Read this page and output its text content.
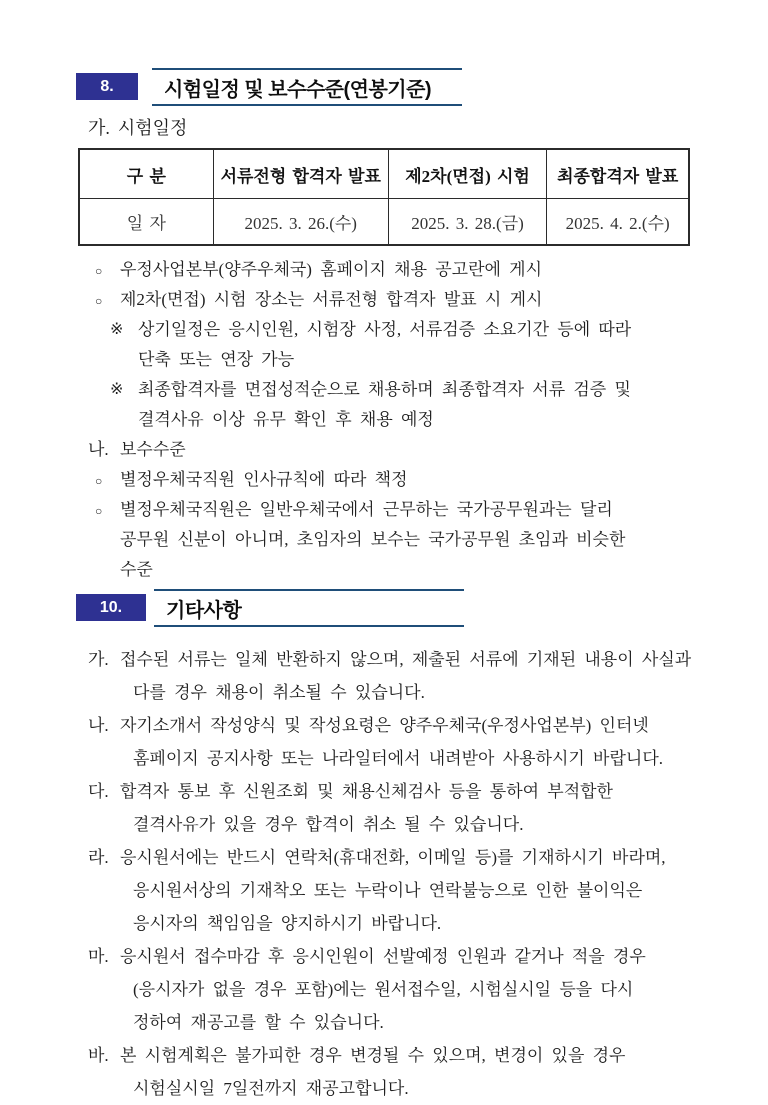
8.	시험일정 및 보수수준(연봉기준)
가. 시험일정
구 분	서류전형 합격자 발표	제2차(면접) 시험	최종합격자 발표
일 자	2025. 3. 26.(수)	2025. 3. 28.(금)	2025. 4. 2.(수)
○	우정사업본부(양주우체국) 홈페이지 채용 공고란에 게시
○	제2차(면접) 시험 장소는 서류전형 합격자 발표 시 게시
※ 상기일정은 응시인원, 시험장 사정, 서류검증 소요기간 등에 따라
단축 또는 연장 가능
※ 최종합격자를 면접성적순으로 채용하며 최종합격자 서류 검증 및
결격사유 이상 유무 확인 후 채용 예정
나. 보수수준
○	별정우체국직원 인사규칙에 따라 책정
○	별정우체국직원은 일반우체국에서 근무하는 국가공무원과는 달리
공무원 신분이 아니며, 초임자의 보수는 국가공무원 초임과 비슷한
수준
10.	기타사항
가. 접수된 서류는 일체 반환하지 않으며, 제출된 서류에 기재된 내용이 사실과
다를 경우 채용이 취소될 수 있습니다.
나. 자기소개서 작성양식 및 작성요령은 양주우체국(우정사업본부) 인터넷
홈페이지 공지사항 또는 나라일터에서 내려받아 사용하시기 바랍니다.
다. 합격자 통보 후 신원조회 및 채용신체검사 등을 통하여 부적합한
결격사유가 있을 경우 합격이 취소 될 수 있습니다.
라. 응시원서에는 반드시 연락처(휴대전화, 이메일 등)를 기재하시기 바라며,
응시원서상의 기재착오 또는 누락이나 연락불능으로 인한 불이익은
응시자의 책임임을 양지하시기 바랍니다.
마. 응시원서 접수마감 후 응시인원이 선발예정 인원과 같거나 적을 경우
(응시자가 없을 경우 포함)에는 원서접수일, 시험실시일 등을 다시
정하여 재공고를 할 수 있습니다.
바. 본 시험계획은 불가피한 경우 변경될 수 있으며, 변경이 있을 경우
시험실시일 7일전까지 재공고합니다.
